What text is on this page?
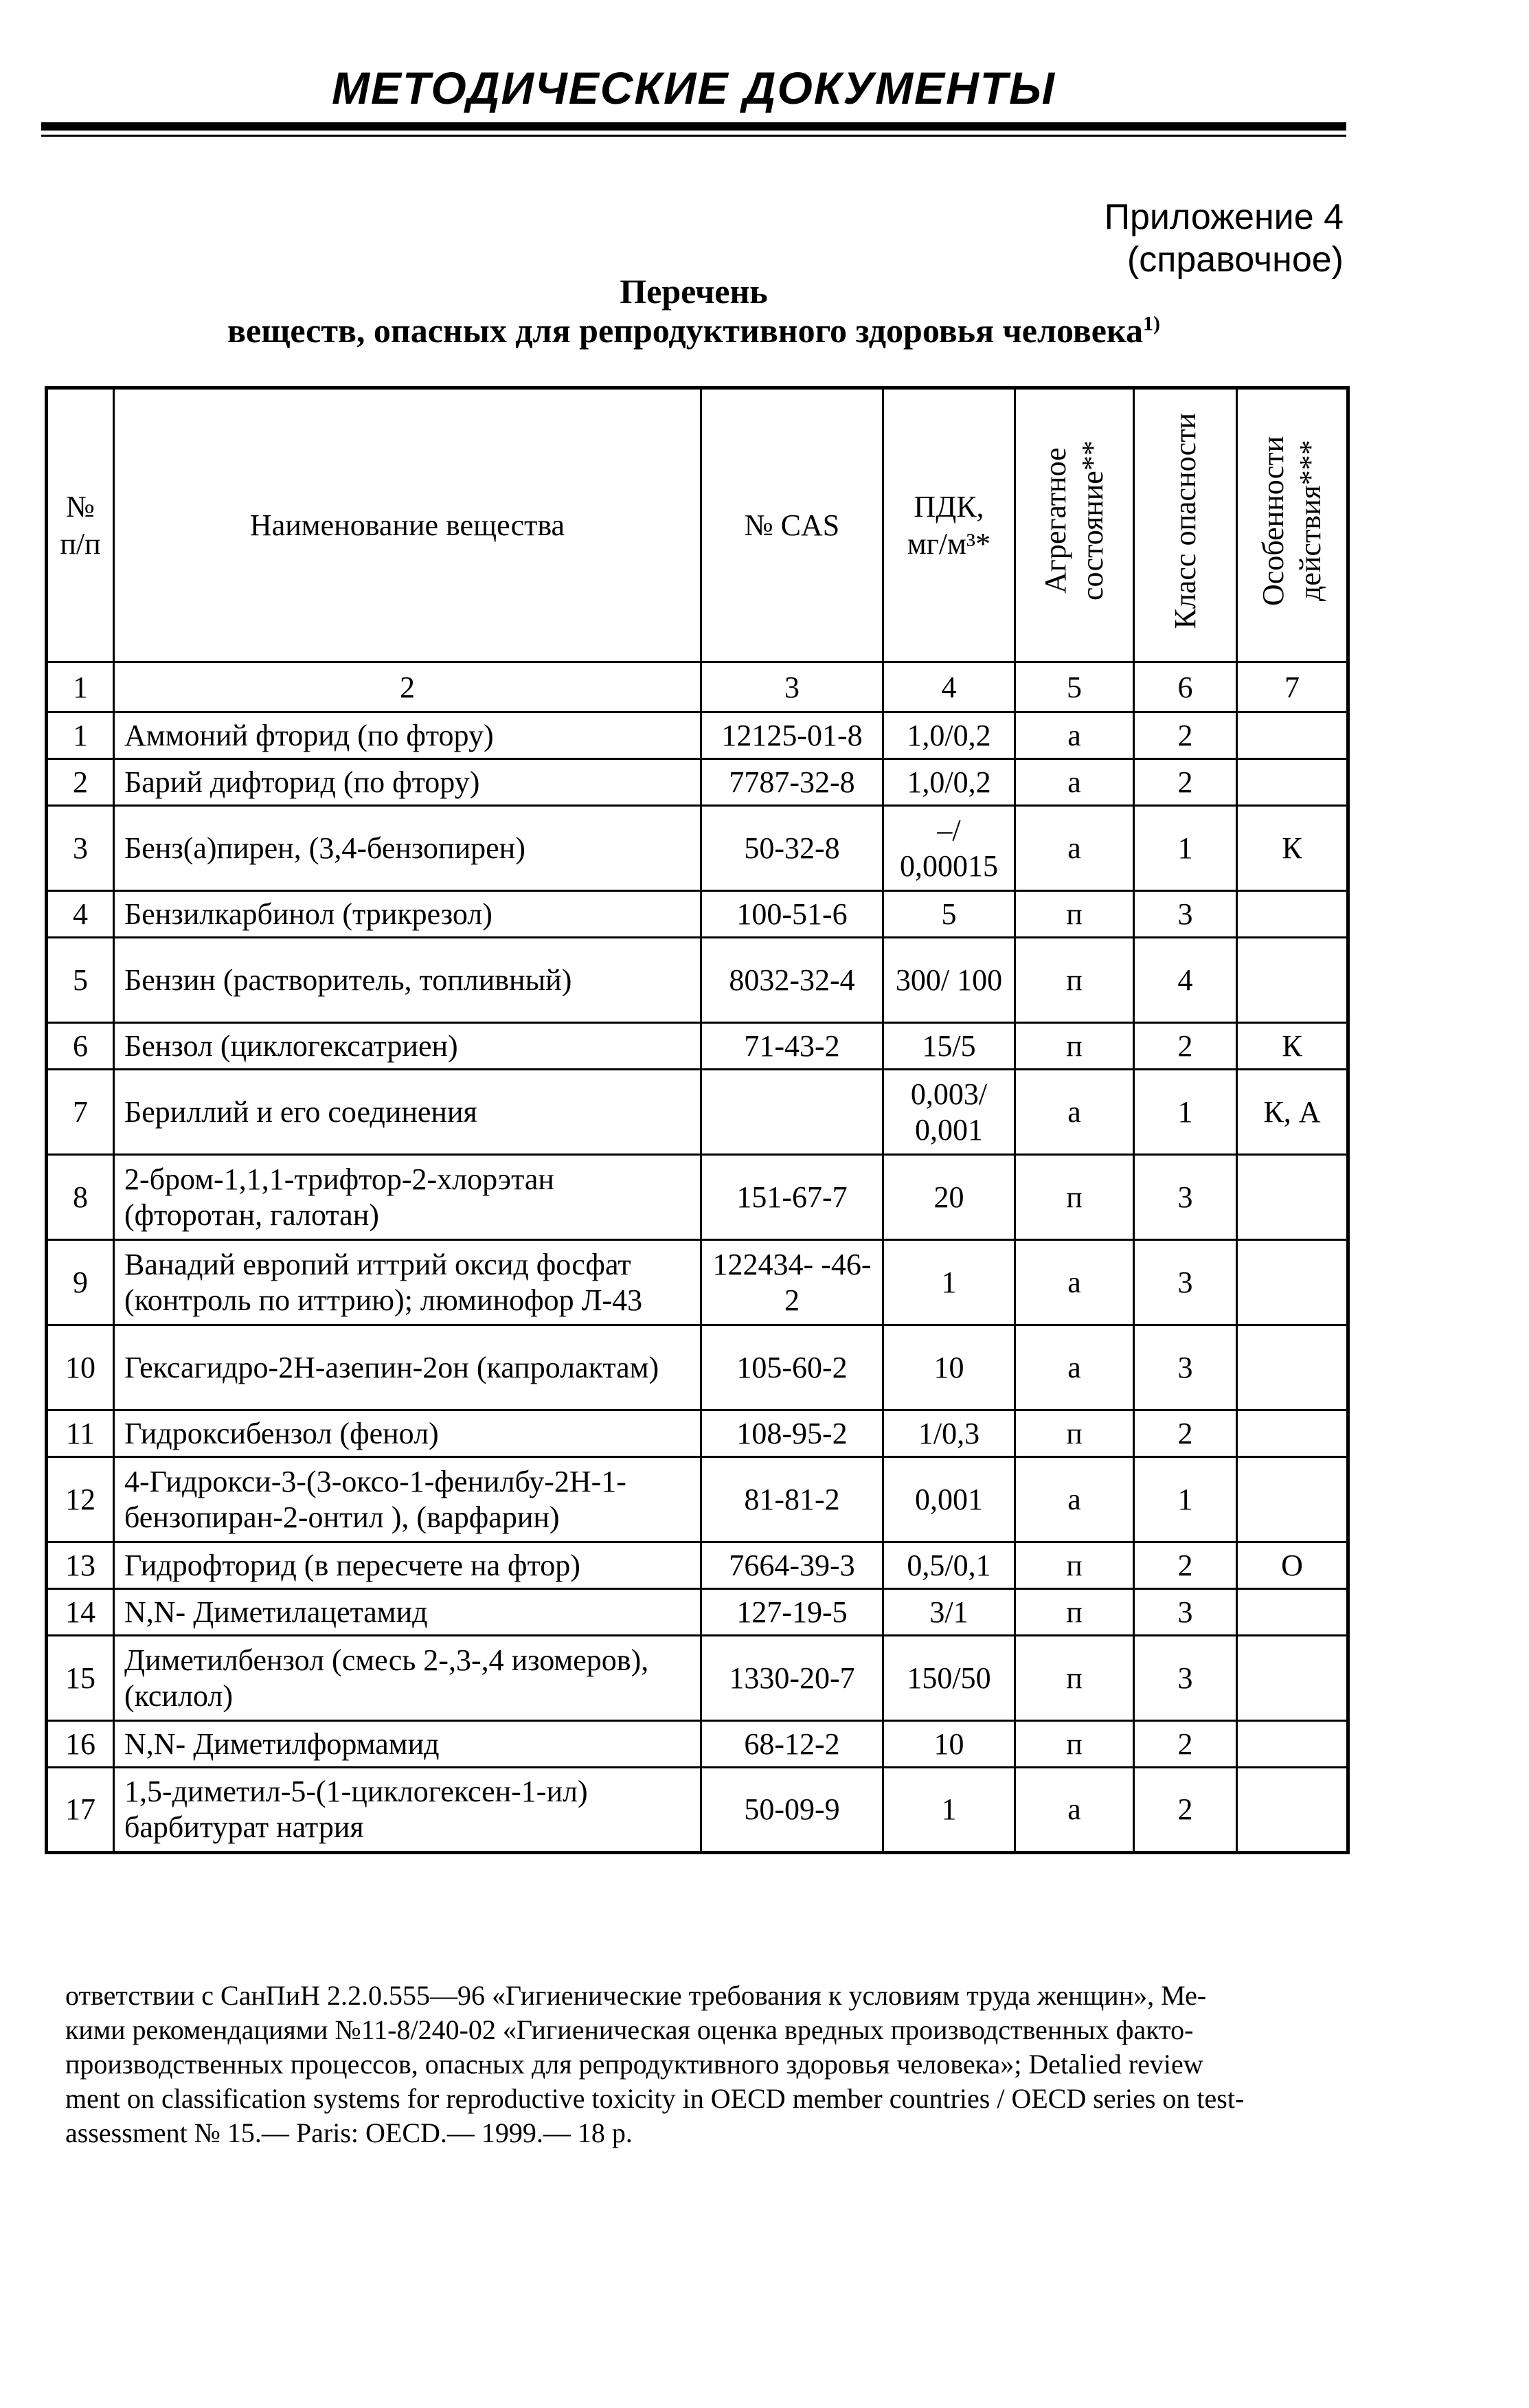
МЕТОДИЧЕСКИЕ ДОКУМЕНТЫ
Приложение 4
(справочное)
Перечень
веществ, опасных для репродуктивного здоровья человека$^{1)}$
№ п/п	Наименование вещества	№ CAS	ПДК, мг/м³*	Агрегатное состояние**	Класс опасности	Особенности действия***
1	2	3	4	5	6	7
1	Аммоний фторид (по фтору)	12125-01-8	1,0/0,2	а	2	
2	Барий дифторид (по фтору)	7787-32-8	1,0/0,2	а	2	
3	Бенз(а)пирен, (3,4-бензопирен)	50-32-8	–/ 0,00015	а	1	К
4	Бензилкарбинол (трикрезол)	100-51-6	5	п	3	
5	Бензин (растворитель, топливный)	8032-32-4	300/ 100	п	4	
6	Бензол (циклогексатриен)	71-43-2	15/5	п	2	К
7	Бериллий и его соединения		0,003/ 0,001	а	1	К, А
8	2-бром-1,1,1-трифтор-2-хлорэтан (фторотан, галотан)	151-67-7	20	п	3	
9	Ванадий европий иттрий оксид фосфат (контроль по иттрию); люминофор Л-43	122434- -46-2	1	а	3	
10	Гексагидро-2Н-азепин-2он (капролактам)	105-60-2	10	а	3	
11	Гидроксибензол (фенол)	108-95-2	1/0,3	п	2	
12	4-Гидрокси-3-(3-оксо-1-фенилбу-2Н-1-бензопиран-2-онтил ), (варфарин)	81-81-2	0,001	а	1	
13	Гидрофторид (в пересчете на фтор)	7664-39-3	0,5/0,1	п	2	О
14	N,N- Диметилацетамид	127-19-5	3/1	п	3	
15	Диметилбензол (смесь 2-,3-,4 изомеров), (ксилол)	1330-20-7	150/50	п	3	
16	N,N- Диметилформамид	68-12-2	10	п	2	
17	1,5-диметил-5-(1-циклогексен-1-ил) барбитурат натрия	50-09-9	1	а	2	
ответствии с СанПиН 2.2.0.555—96 «Гигиенические требования к условиям труда женщин», Ме-
кими рекомендациями №11-8/240-02 «Гигиеническая оценка вредных производственных факто-
производственных процессов, опасных для репродуктивного здоровья человека»; Detalied review
ment on classification systems for reproductive toxicity in OECD member countries / OECD series on test-
assessment № 15.— Paris: OECD.— 1999.— 18 p.
